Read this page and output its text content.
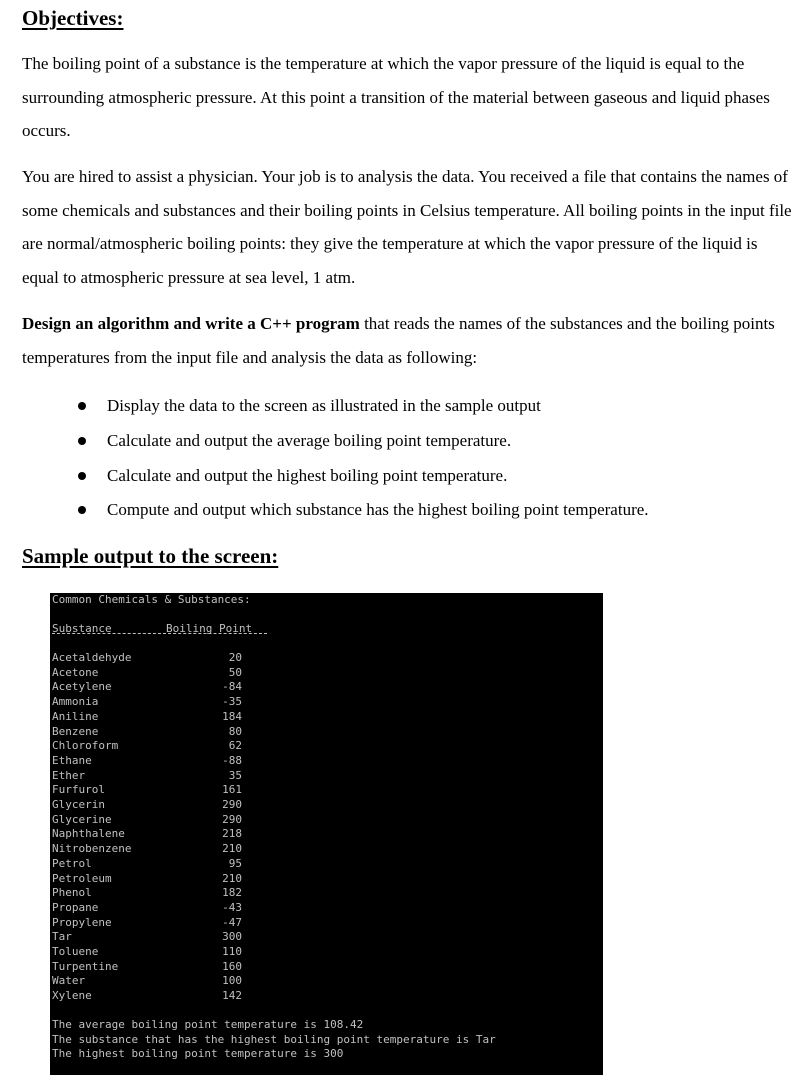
Objectives:

The boiling point of a substance is the temperature at which the vapor pressure of the liquid is equal to the surrounding atmospheric pressure. At this point a transition of the material between gaseous and liquid phases occurs.

You are hired to assist a physician. Your job is to analysis the data. You received a file that contains the names of some chemicals and substances and their boiling points in Celsius temperature. All boiling points in the input file are normal/atmospheric boiling points: they give the temperature at which the vapor pressure of the liquid is equal to atmospheric pressure at sea level, 1 atm.

Design an algorithm and write a C++ program that reads the names of the substances and the boiling points temperatures from the input file and analysis the data as following:

Display the data to the screen as illustrated in the sample output
Calculate and output the average boiling point temperature.
Calculate and output the highest boiling point temperature.
Compute and output which substance has the highest boiling point temperature.
Sample output to the screen:
Common Chemicals & Substances:
Substance	Boiling Point
Acetaldehyde	20
Acetone	50
Acetylene	-84
Ammonia	-35
Aniline	184
Benzene	80
Chloroform	62
Ethane	-88
Ether	35
Furfurol	161
Glycerin	290
Glycerine	290
Naphthalene	218
Nitrobenzene	210
Petrol	95
Petroleum	210
Phenol	182
Propane	-43
Propylene	-47
Tar	300
Toluene	110
Turpentine	160
Water	100
Xylene	142
The average boiling point temperature is 108.42
The substance that has the highest boiling point temperature is Tar
The highest boiling point temperature is 300
